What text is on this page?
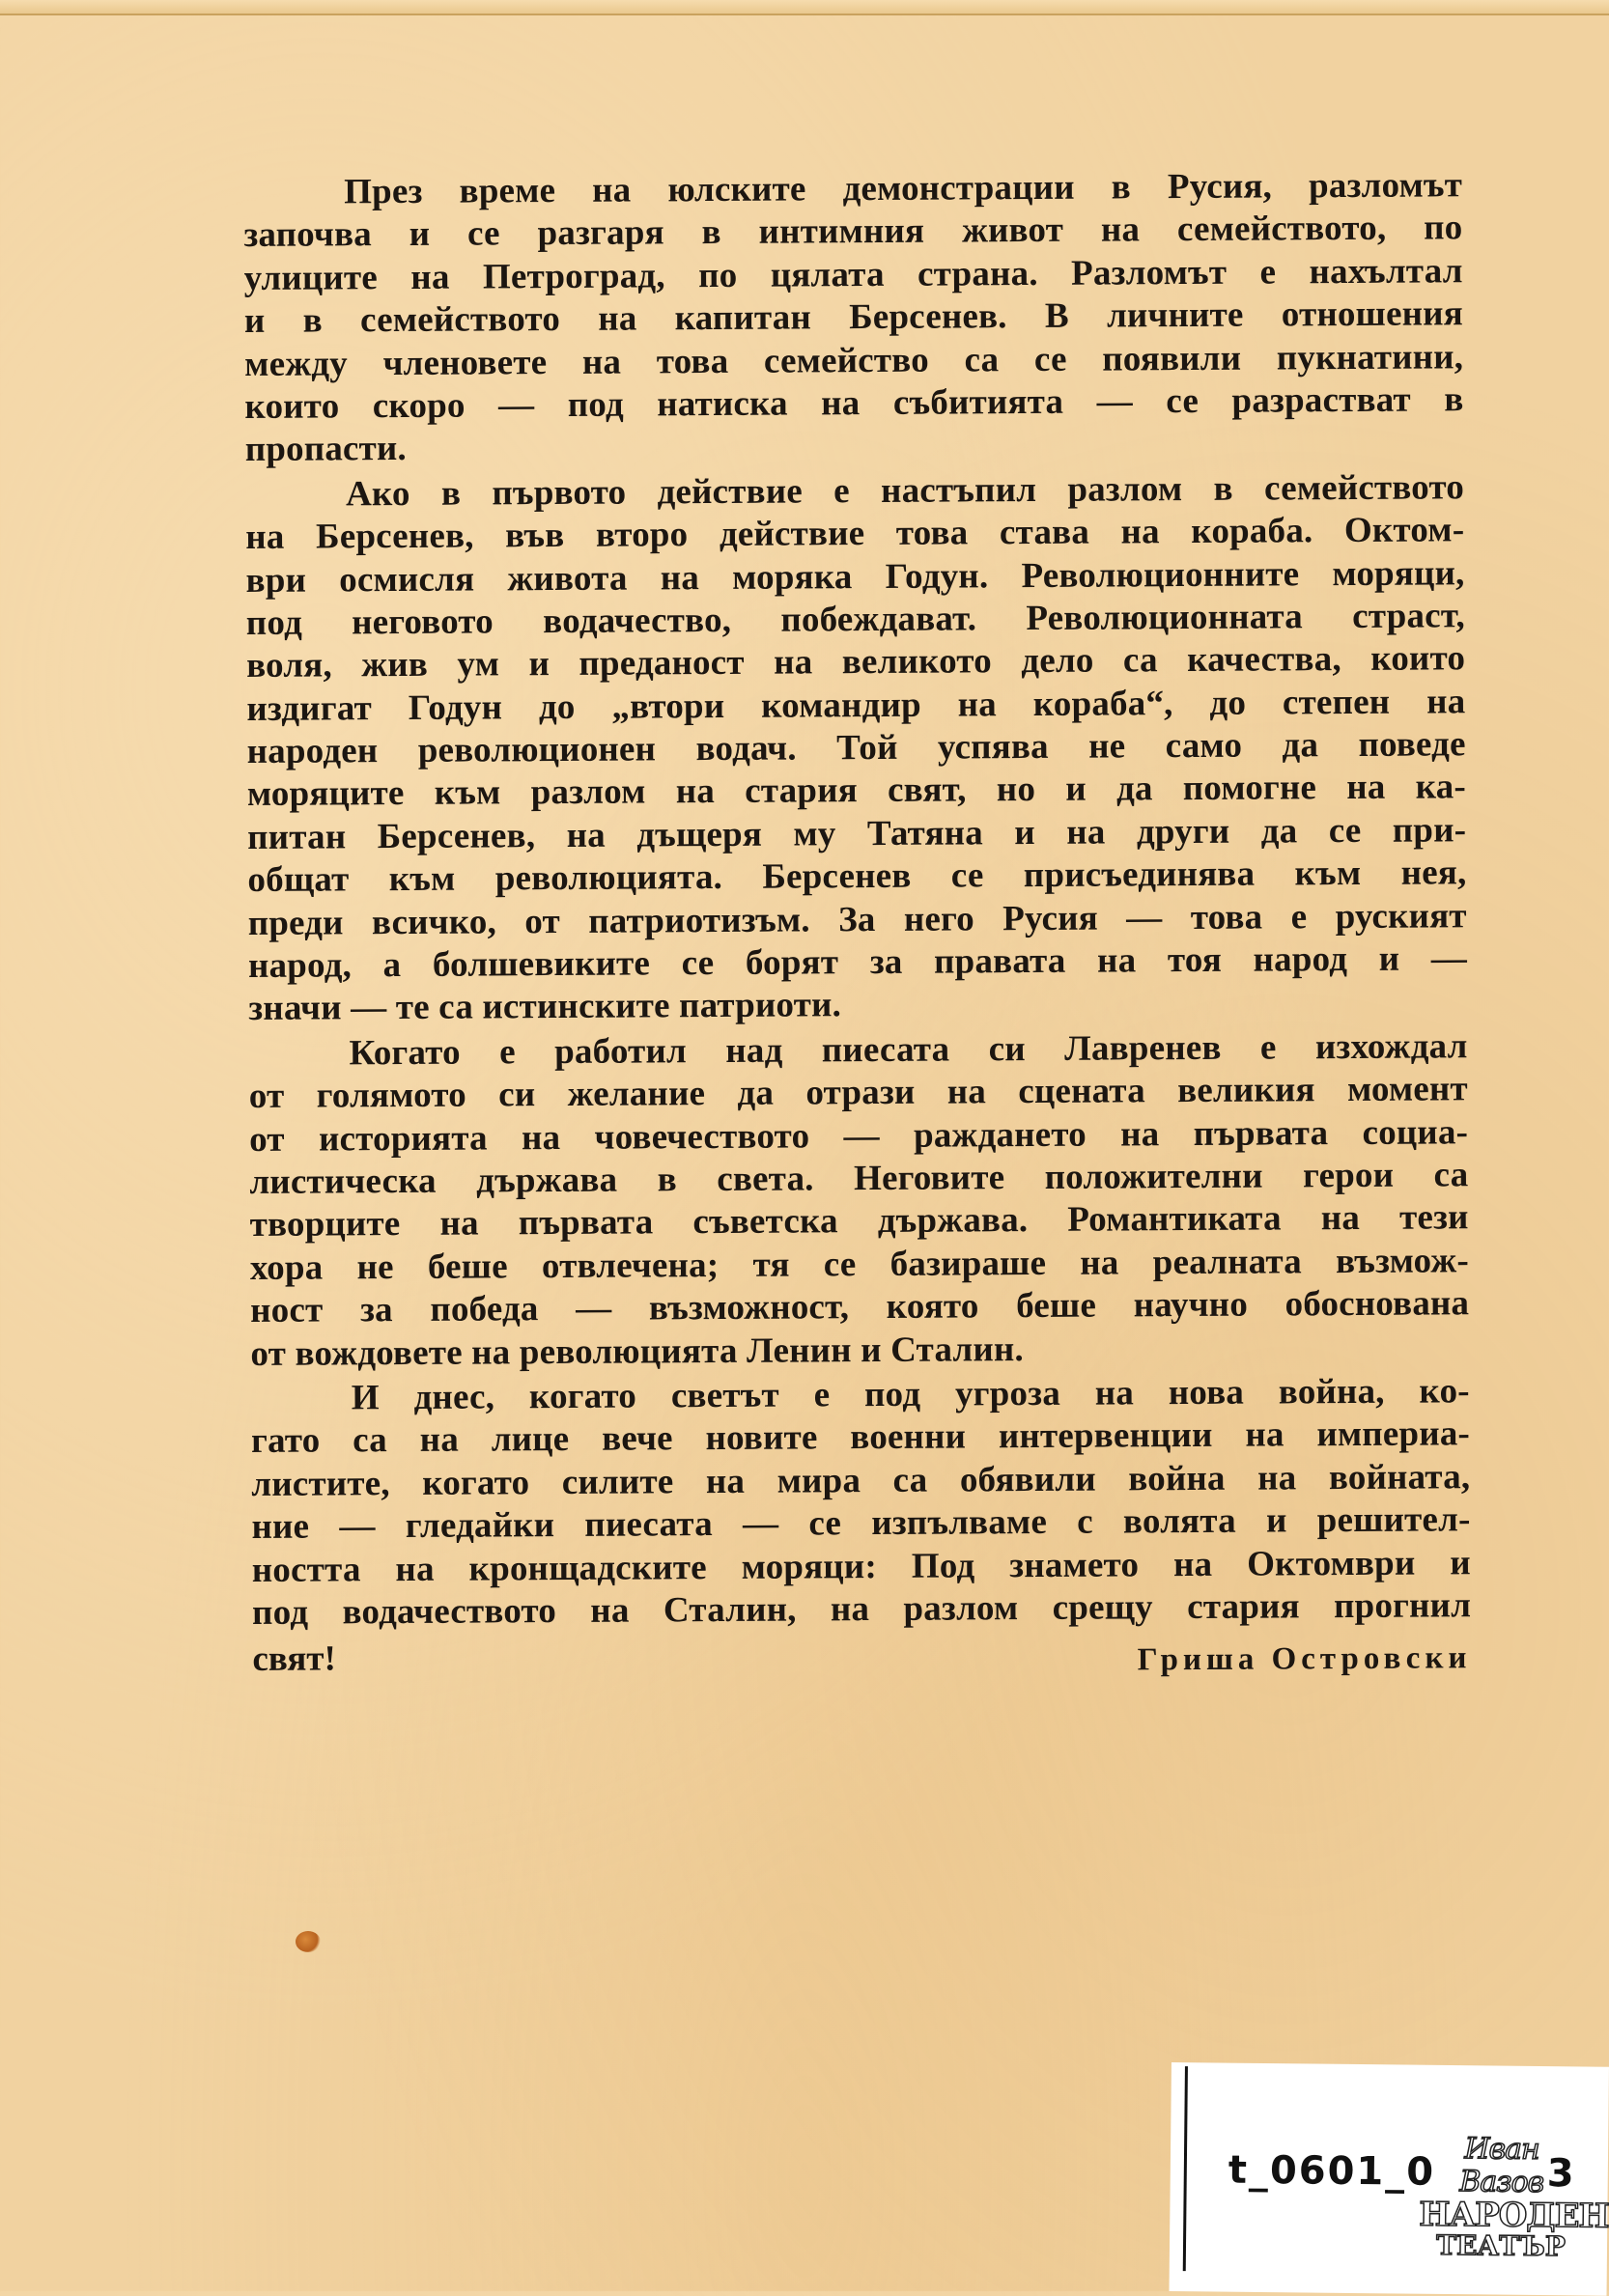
През време на юлските демонстрации в Русия, разломът
започва и се разгаря в интимния живот на семейството, по
улиците на Петроград, по цялата страна. Разломът е нахълтал
и в семейството на капитан Берсенев. В личните отношения
между членовете на това семейство са се появили пукнатини,
които скоро — под натиска на събитията — се разрастват в
пропасти.
Ако в първото действие е настъпил разлом в семейството
на Берсенев, във второ действие това става на кораба. Октом-
ври осмисля живота на моряка Годун. Революционните моряци,
под неговото водачество, побеждават. Революционната страст,
воля, жив ум и преданост на великото дело са качества, които
издигат Годун до „втори командир на кораба“, до степен на
народен революционен водач. Той успява не само да поведе
моряците към разлом на стария свят, но и да помогне на ка-
питан Берсенев, на дъщеря му Татяна и на други да се при-
общат към революцията. Берсенев се присъединява към нея,
преди всичко, от патриотизъм. За него Русия — това е руският
народ, а болшевиките се борят за правата на тоя народ и —
значи — те са истинските патриоти.
Когато е работил над пиесата си Лавренев е изхождал
от голямото си желание да отрази на сцената великия момент
от историята на човечеството — раждането на първата социа-
листическа държава в света. Неговите положителни герои са
творците на първата съветска държава. Романтиката на тези
хора не беше отвлечена; тя се базираше на реалната възмож-
ност за победа — възможност, която беше научно обоснована
от вождовете на революцията Ленин и Сталин.
И днес, когато светът е под угроза на нова война, ко-
гато са на лице вече новите военни интервенции на империа-
листите, когато силите на мира са обявили война на войната,
ние — гледайки пиесата — се изпълваме с волята и решител-
ността на кронщадските моряци: Под знамето на Октомври и
под водачеството на Сталин, на разлом срещу стария прогнил
свят!	Гриша Островски
t_0601_0	3
Иван Вазов
НАРОДЕН
ТЕАТЪР
